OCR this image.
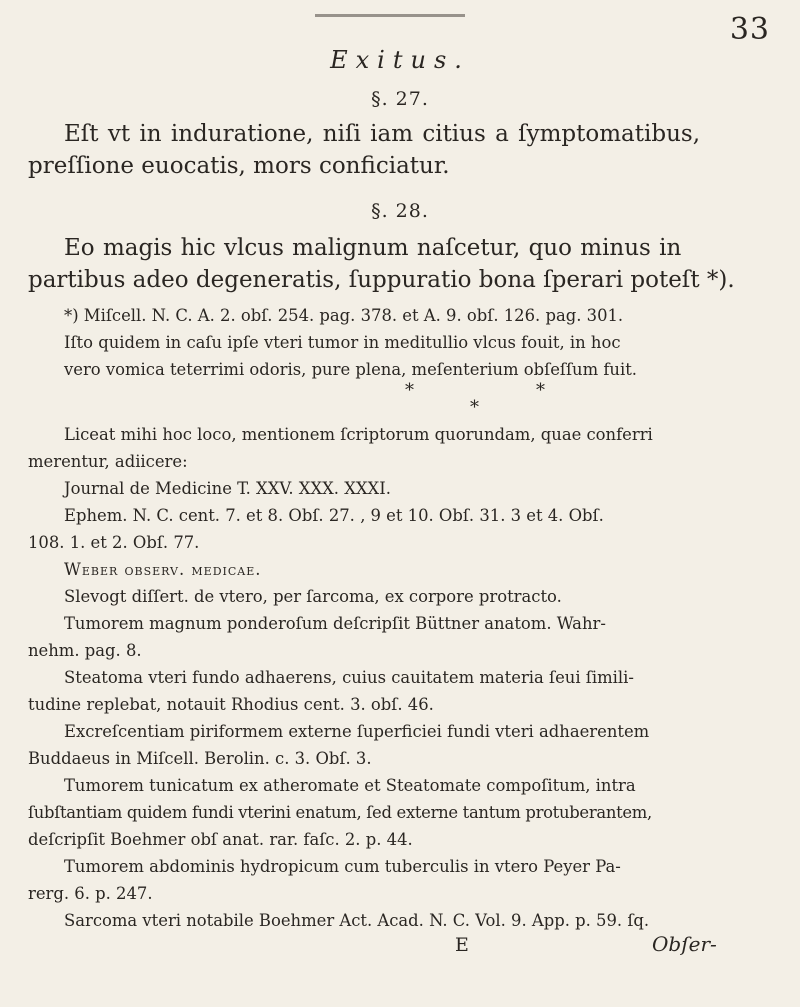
33
Exitus.
§. 27.
Eſt vt in induratione, niſi iam citius a ſymptomatibus,
preſſione euocatis, mors conficiatur.
§. 28.
Eo magis hic vlcus malignum naſcetur, quo minus in
partibus adeo degeneratis, ſuppuratio bona ſperari poteſt *).
*) Miſcell. N. C. A. 2. obſ. 254. pag. 378. et A. 9. obſ. 126. pag. 301.
Iſto quidem in caſu ipſe vteri tumor in meditullio vlcus fouit, in hoc
vero vomica teterrimi odoris, pure plena, meſenterium obſeſſum fuit.
*	*
*
Liceat mihi hoc loco, mentionem ſcriptorum quorundam, quae conferri
merentur, adiicere:
Journal de Medicine T. XXV. XXX. XXXI.
Ephem. N. C. cent. 7. et 8. Obſ. 27. ‚ 9 et 10. Obſ. 31. 3 et 4. Obſ.
108. 1. et 2. Obſ. 77.
Weber obſerv. medicae.
Slevogt diſſert. de vtero, per ſarcoma, ex corpore protracto.
Tumorem magnum ponderoſum deſcripſit Büttner anatom. Wahr-
nehm. pag. 8.
Steatoma vteri fundo adhaerens, cuius cauitatem materia ſeui ſimili-
tudine replebat, notauit Rhodius cent. 3. obſ. 46.
Excreſcentiam piriformem externe ſuperficiei fundi vteri adhaerentem
Buddaeus in Miſcell. Berolin. c. 3. Obſ. 3.
Tumorem tunicatum ex atheromate et Steatomate compoſitum, intra
ſubſtantiam quidem fundi vterini enatum, ſed externe tantum protuberantem,
deſcripſit Boehmer obſ anat. rar. faſc. 2. p. 44.
Tumorem abdominis hydropicum cum tuberculis in vtero Peyer Pa-
rerg. 6. p. 247.
Sarcoma vteri notabile Boehmer Act. Acad. N. C. Vol. 9. App. p. 59. ſq.
E	Obſer-
